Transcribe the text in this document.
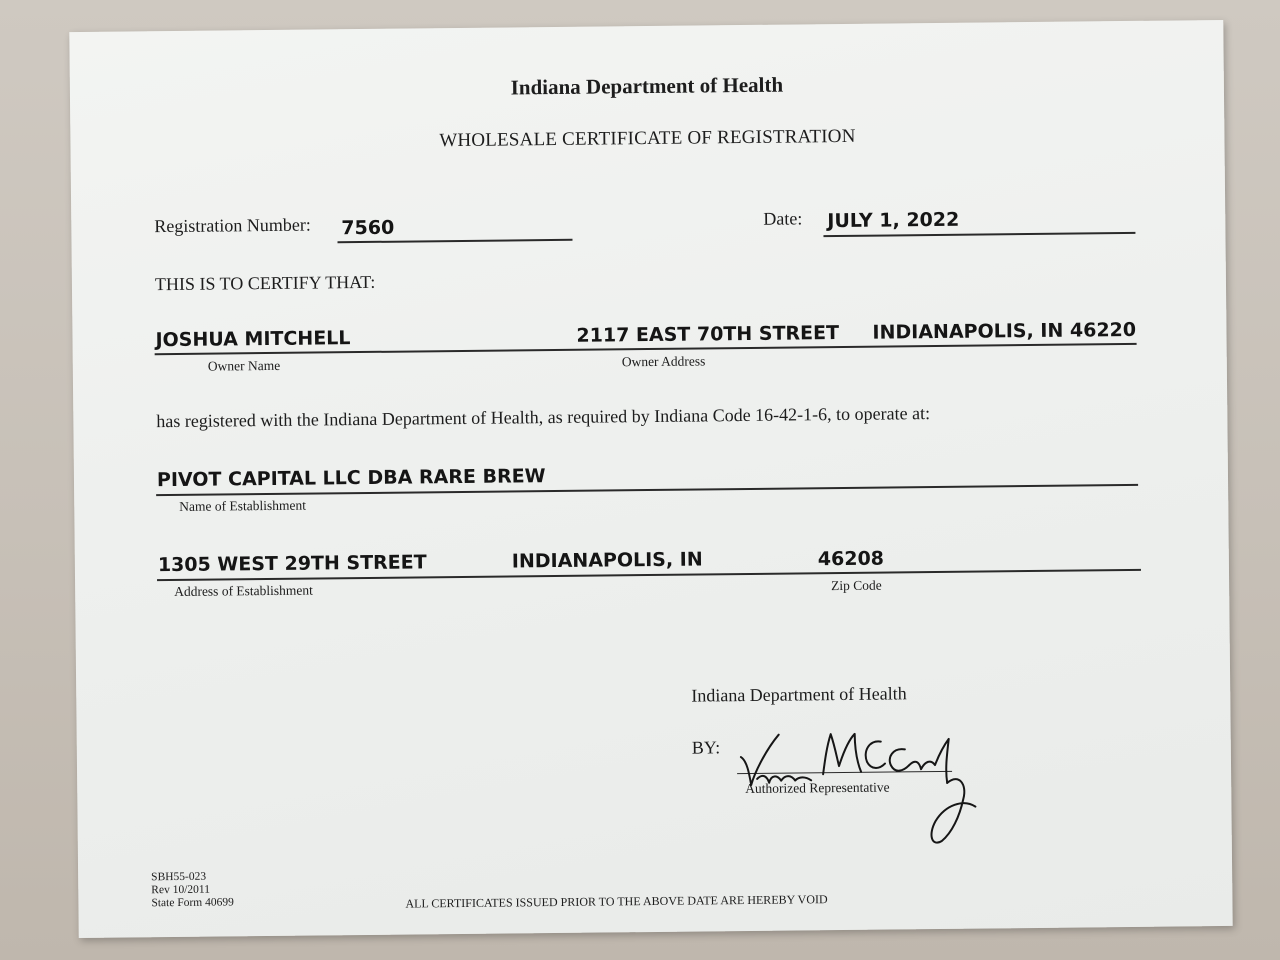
Indiana Department of Health
WHOLESALE CERTIFICATE OF REGISTRATION
Registration Number: 7560	Date: JULY 1, 2022
THIS IS TO CERTIFY THAT:
JOSHUA MITCHELL	2117 EAST 70TH STREET INDIANAPOLIS, IN 46220
Owner Name	Owner Address
has registered with the Indiana Department of Health, as required by Indiana Code 16-42-1-6, to operate at:
PIVOT CAPITAL LLC DBA RARE BREW
Name of Establishment
1305 WEST 29TH STREET	INDIANAPOLIS, IN	46208
Address of Establishment	Zip Code
Indiana Department of Health
BY:
Authorized Representative
SBH55-023
Rev 10/2011
State Form 40699	ALL CERTIFICATES ISSUED PRIOR TO THE ABOVE DATE ARE HEREBY VOID
